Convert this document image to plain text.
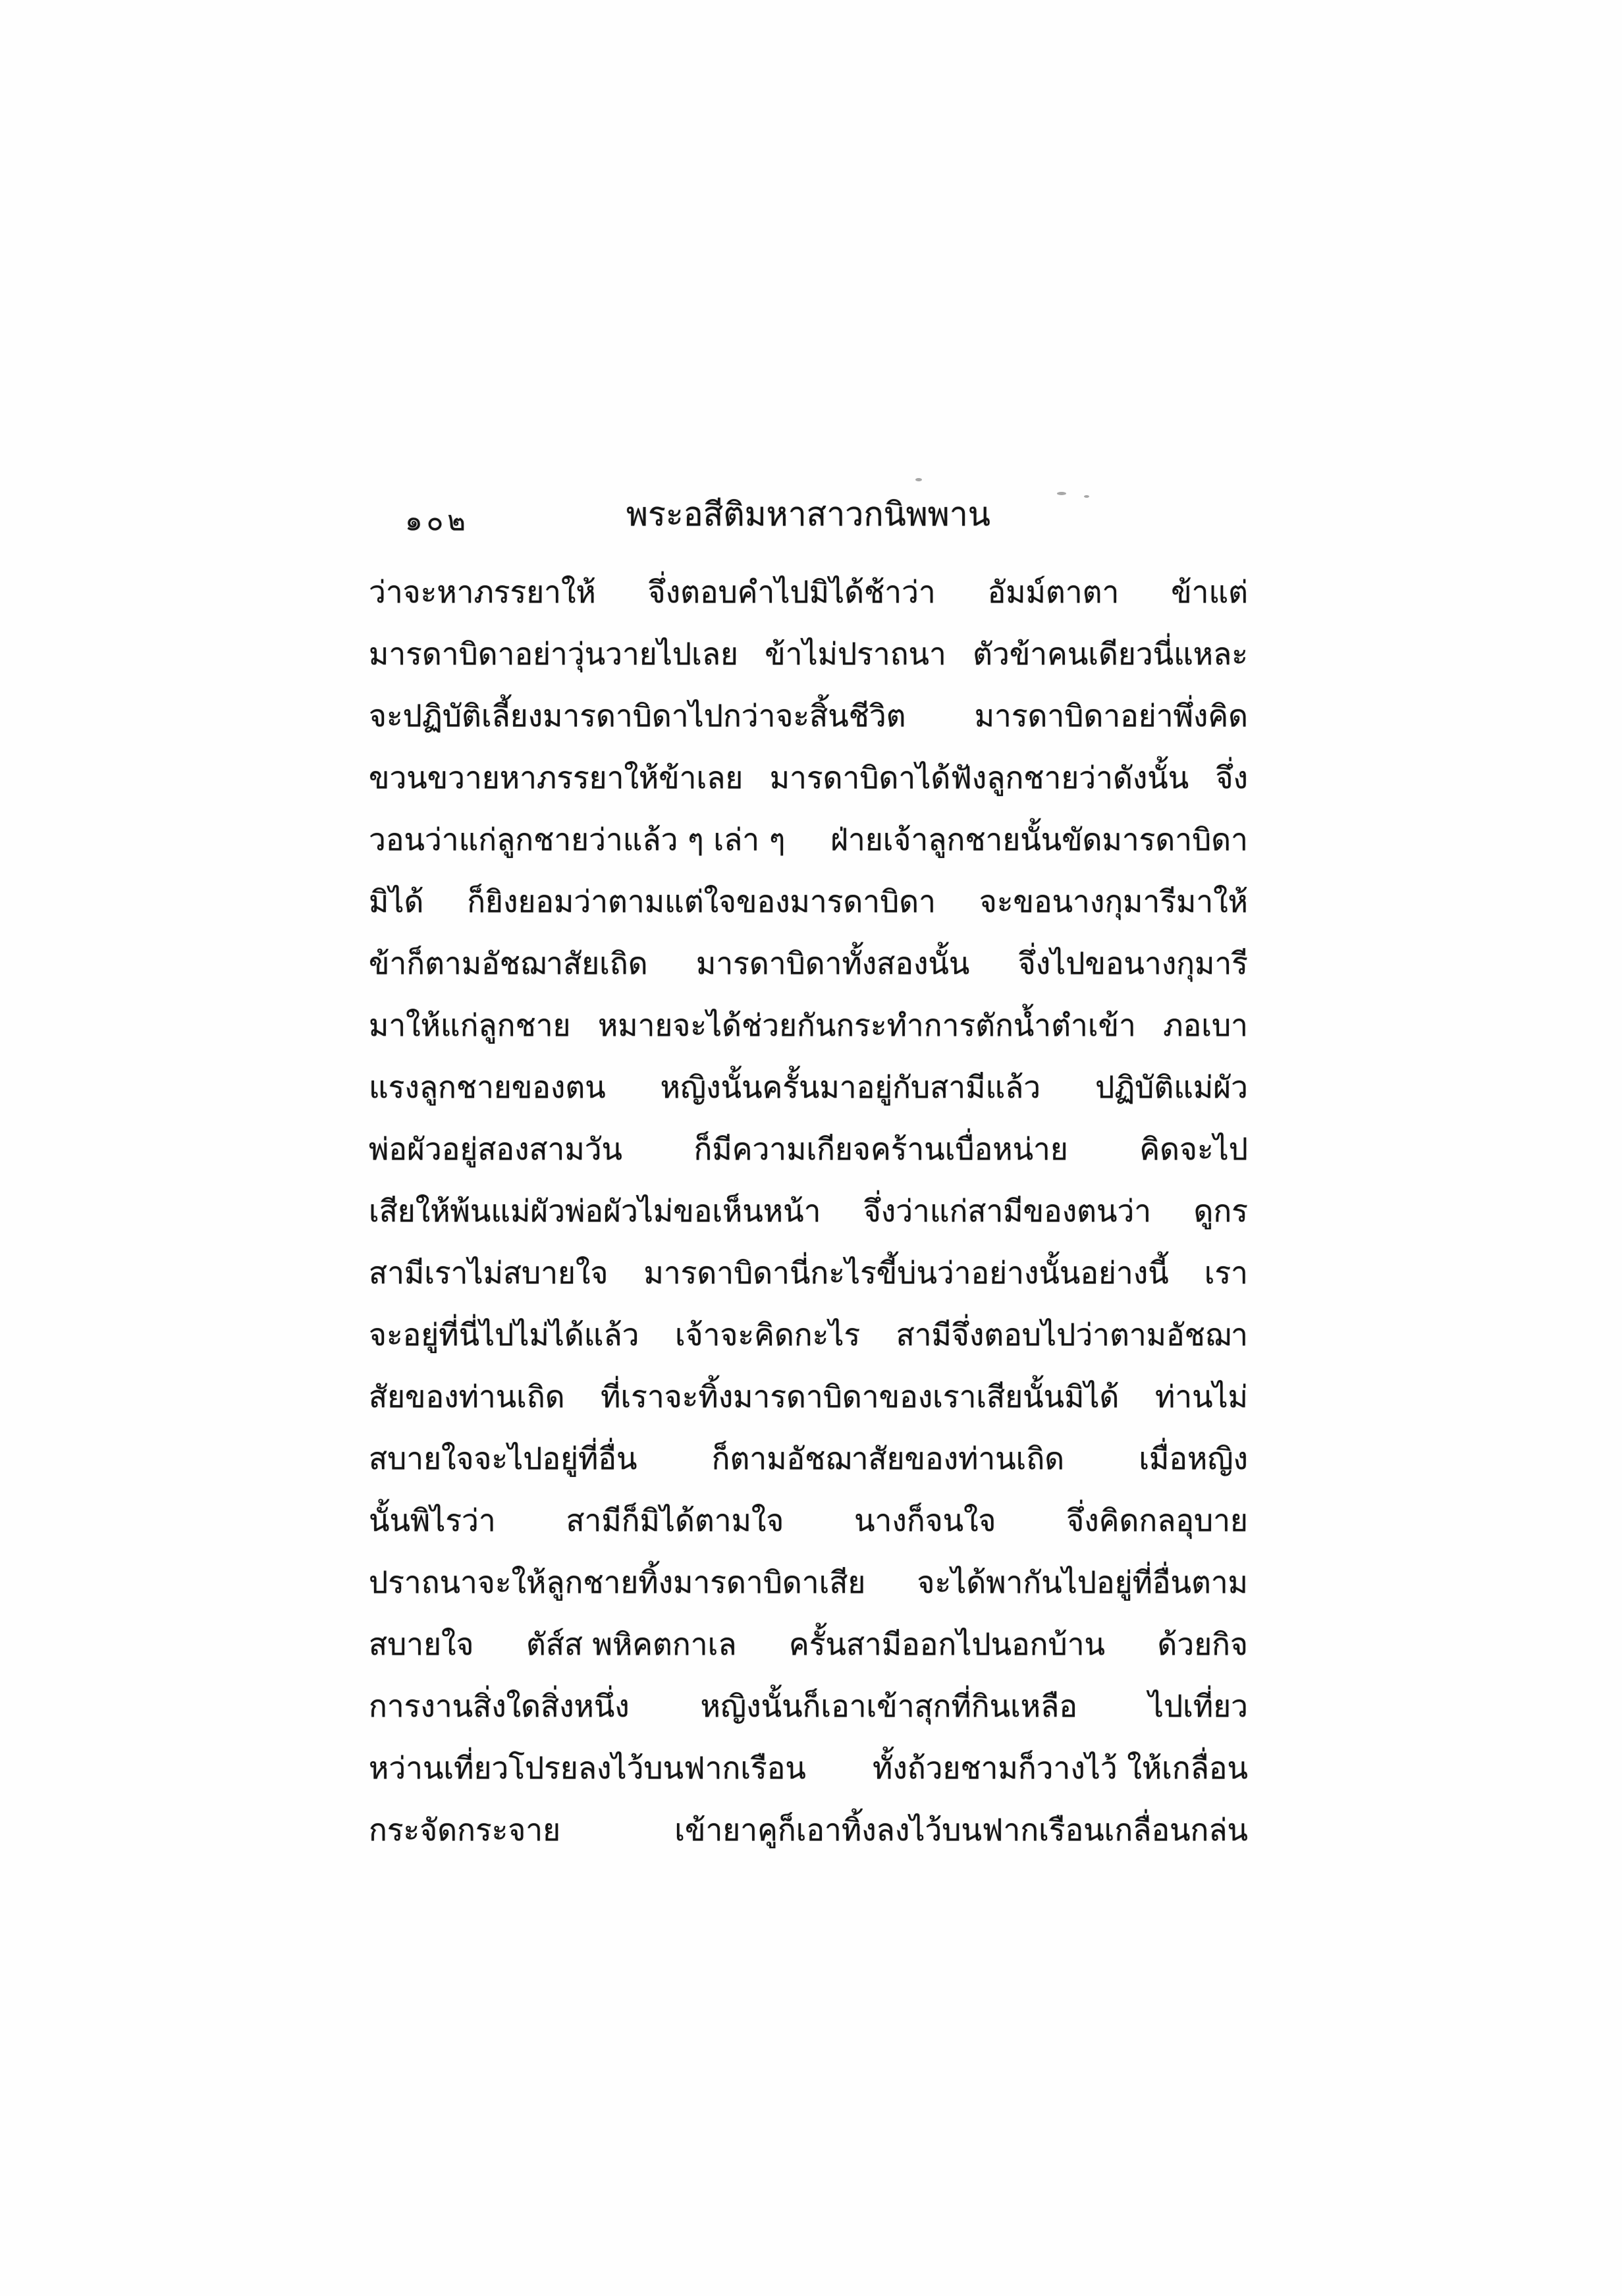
๑๐๒	พระอสีติมหาสาวกนิพพาน
ว่าจะหาภรรยาให้ จึ่งตอบคำไปมิได้ช้าว่า อัมม์ตาตา ข้าแต่
มารดาบิดาอย่าวุ่นวายไปเลย ข้าไม่ปราถนา ตัวข้าคนเดียวนี่แหละ
จะปฏิบัติเลี้ยงมารดาบิดาไปกว่าจะสิ้นชีวิต มารดาบิดาอย่าพึ่งคิด
ขวนขวายหาภรรยาให้ข้าเลย มารดาบิดาได้ฟังลูกชายว่าดังนั้น จึ่ง
วอนว่าแก่ลูกชายว่าแล้ว ๆ เล่า ๆ ฝ่ายเจ้าลูกชายนั้นขัดมารดาบิดา
มิได้ ก็ยิงยอมว่าตามแต่ใจของมารดาบิดา จะขอนางกุมารีมาให้
ข้าก็ตามอัชฌาสัยเถิด มารดาบิดาทั้งสองนั้น จึ่งไปขอนางกุมารี
มาให้แก่ลูกชาย หมายจะได้ช่วยกันกระทำการตักน้ำตำเข้า ภอเบา
แรงลูกชายของตน หญิงนั้นครั้นมาอยู่กับสามีแล้ว ปฏิบัติแม่ผัว
พ่อผัวอยู่สองสามวัน ก็มีความเกียจคร้านเบื่อหน่าย คิดจะไป
เสียให้พ้นแม่ผัวพ่อผัวไม่ขอเห็นหน้า จึ่งว่าแก่สามีของตนว่า ดูกร
สามีเราไม่สบายใจ มารดาบิดานี่กะไรขี้บ่นว่าอย่างนั้นอย่างนี้ เรา
จะอยู่ที่นี่ไปไม่ได้แล้ว เจ้าจะคิดกะไร สามีจึ่งตอบไปว่าตามอัชฌา
สัยของท่านเถิด ที่เราจะทิ้งมารดาบิดาของเราเสียนั้นมิได้ ท่านไม่
สบายใจจะไปอยู่ที่อื่น ก็ตามอัชฌาสัยของท่านเถิด เมื่อหญิง
นั้นพิไรว่า สามีก็มิได้ตามใจ นางก็จนใจ จึ่งคิดกลอุบาย
ปราถนาจะให้ลูกชายทิ้งมารดาบิดาเสีย จะได้พากันไปอยู่ที่อื่นตาม
สบายใจ ตัส์ส พหิคตกาเล ครั้นสามีออกไปนอกบ้าน ด้วยกิจ
การงานสิ่งใดสิ่งหนึ่ง หญิงนั้นก็เอาเข้าสุกที่กินเหลือ ไปเที่ยว
หว่านเที่ยวโปรยลงไว้บนฟากเรือน ทั้งถ้วยชามก็วางไว้ ให้เกลื่อน
กระจัดกระจาย	เข้ายาคูก็เอาทิ้งลงไว้บนฟากเรือนเกลื่อนกล่น
